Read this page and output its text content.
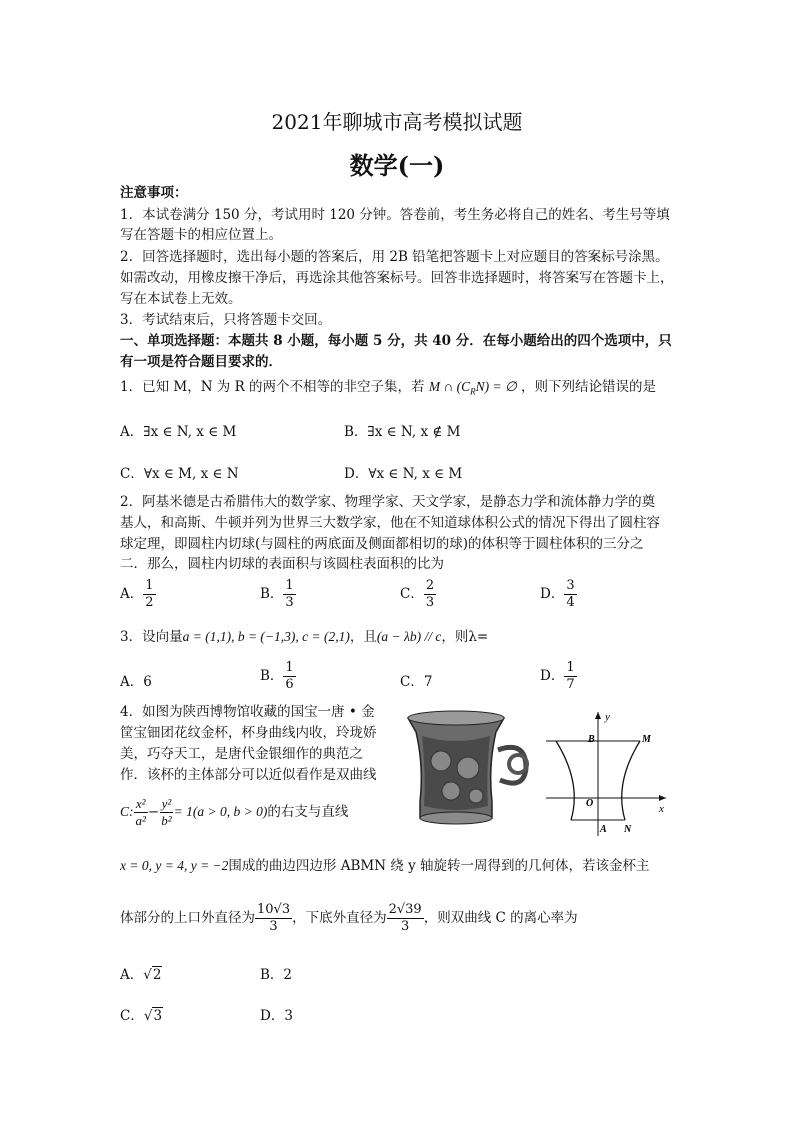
2021年聊城市高考模拟试题
数学(一)
注意事项：
1．本试卷满分 150 分，考试用时 120 分钟。答卷前，考生务必将自己的姓名、考生号等填
写在答题卡的相应位置上。
2．回答选择题时，选出每小题的答案后，用 2B 铅笔把答题卡上对应题目的答案标号涂黑。
如需改动，用橡皮擦干净后，再选涂其他答案标号。回答非选择题时，将答案写在答题卡上，
写在本试卷上无效。
3．考试结束后，只将答题卡交回。
一、单项选择题：本题共 8 小题，每小题 5 分，共 40 分．在每小题给出的四个选项中，只
有一项是符合题目要求的．
1．已知 M，N 为 R 的两个不相等的非空子集，若 M ∩ $(C_RN)$ = ∅ ，则下列结论错误的是
A．∃x ∈ N, x ∈ M	B．∃x ∈ N, x ∉ M
C．∀x ∈ M, x ∈ N	D．∀x ∈ N, x ∈ M
2．阿基米德是古希腊伟大的数学家、物理学家、天文学家，是静态力学和流体静力学的奠
基人，和高斯、牛顿并列为世界三大数学家，他在不知道球体积公式的情况下得出了圆柱容
球定理，即圆柱内切球(与圆柱的两底面及侧面都相切的球)的体积等于圆柱体积的三分之
二．那么，圆柱内切球的表面积与该圆柱表面积的比为
A． $\frac{1}{2}$	B． $\frac{1}{3}$	C． $\frac{2}{3}$	D． $\frac{3}{4}$
3．设向量a = (1,1), b = (−1,3), c = (2,1)，且(a − λb) // c，则λ=
A．6	B． $\frac{1}{6}$	C．7	D． $\frac{1}{7}$
4．如图为陕西博物馆收藏的国宝一唐 • 金
筐宝钿团花纹金杯，杯身曲线内收，玲珑娇
美，巧夺天工，是唐代金银细作的典范之
作．该杯的主体部分可以近似看作是双曲线
C: $\frac{\text{x²}}{\text{a²}} - \frac{\text{y²}}{\text{b²}} = 1(a > 0$, b > 0)的右支与直线
y
x
B	M
O
A N
x = 0, y = 4, y = −2围成的曲边四边形 ABMN 绕 y 轴旋转一周得到的几何体，若该金杯主
体部分的上口外直径为 $\frac{10√3}{3}$ ，下底外直径为 $\frac{2√39}{3}$ ，则双曲线 C 的离心率为
A．√2	B．2
C．√3	D．3
